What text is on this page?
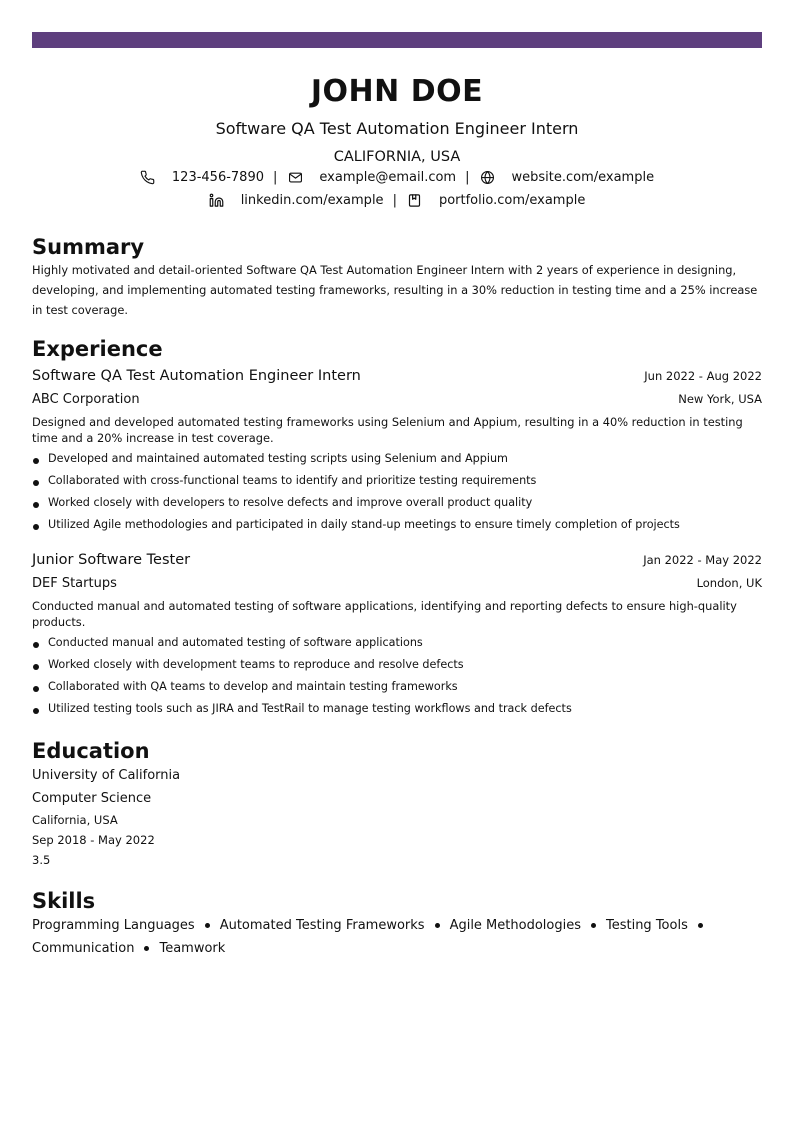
JOHN DOE
Software QA Test Automation Engineer Intern
CALIFORNIA, USA
123-456-7890 |	example@email.com |	website.com/example
linkedin.com/example |	portfolio.com/example
Summary
Highly motivated and detail-oriented Software QA Test Automation Engineer Intern with 2 years of experience in designing, developing, and implementing automated testing frameworks, resulting in a 30% reduction in testing time and a 25% increase in test coverage.
Experience
Software QA Test Automation Engineer Intern	Jun 2022 - Aug 2022
ABC Corporation	New York, USA
Designed and developed automated testing frameworks using Selenium and Appium, resulting in a 40% reduction in testing time and a 20% increase in test coverage.
Developed and maintained automated testing scripts using Selenium and Appium
Collaborated with cross-functional teams to identify and prioritize testing requirements
Worked closely with developers to resolve defects and improve overall product quality
Utilized Agile methodologies and participated in daily stand-up meetings to ensure timely completion of projects
Junior Software Tester	Jan 2022 - May 2022
DEF Startups	London, UK
Conducted manual and automated testing of software applications, identifying and reporting defects to ensure high-quality products.
Conducted manual and automated testing of software applications
Worked closely with development teams to reproduce and resolve defects
Collaborated with QA teams to develop and maintain testing frameworks
Utilized testing tools such as JIRA and TestRail to manage testing workflows and track defects
Education
University of California
Computer Science
California, USA
Sep 2018 - May 2022
3.5
Skills
Programming Languages Automated Testing Frameworks Agile Methodologies Testing Tools
Communication Teamwork
